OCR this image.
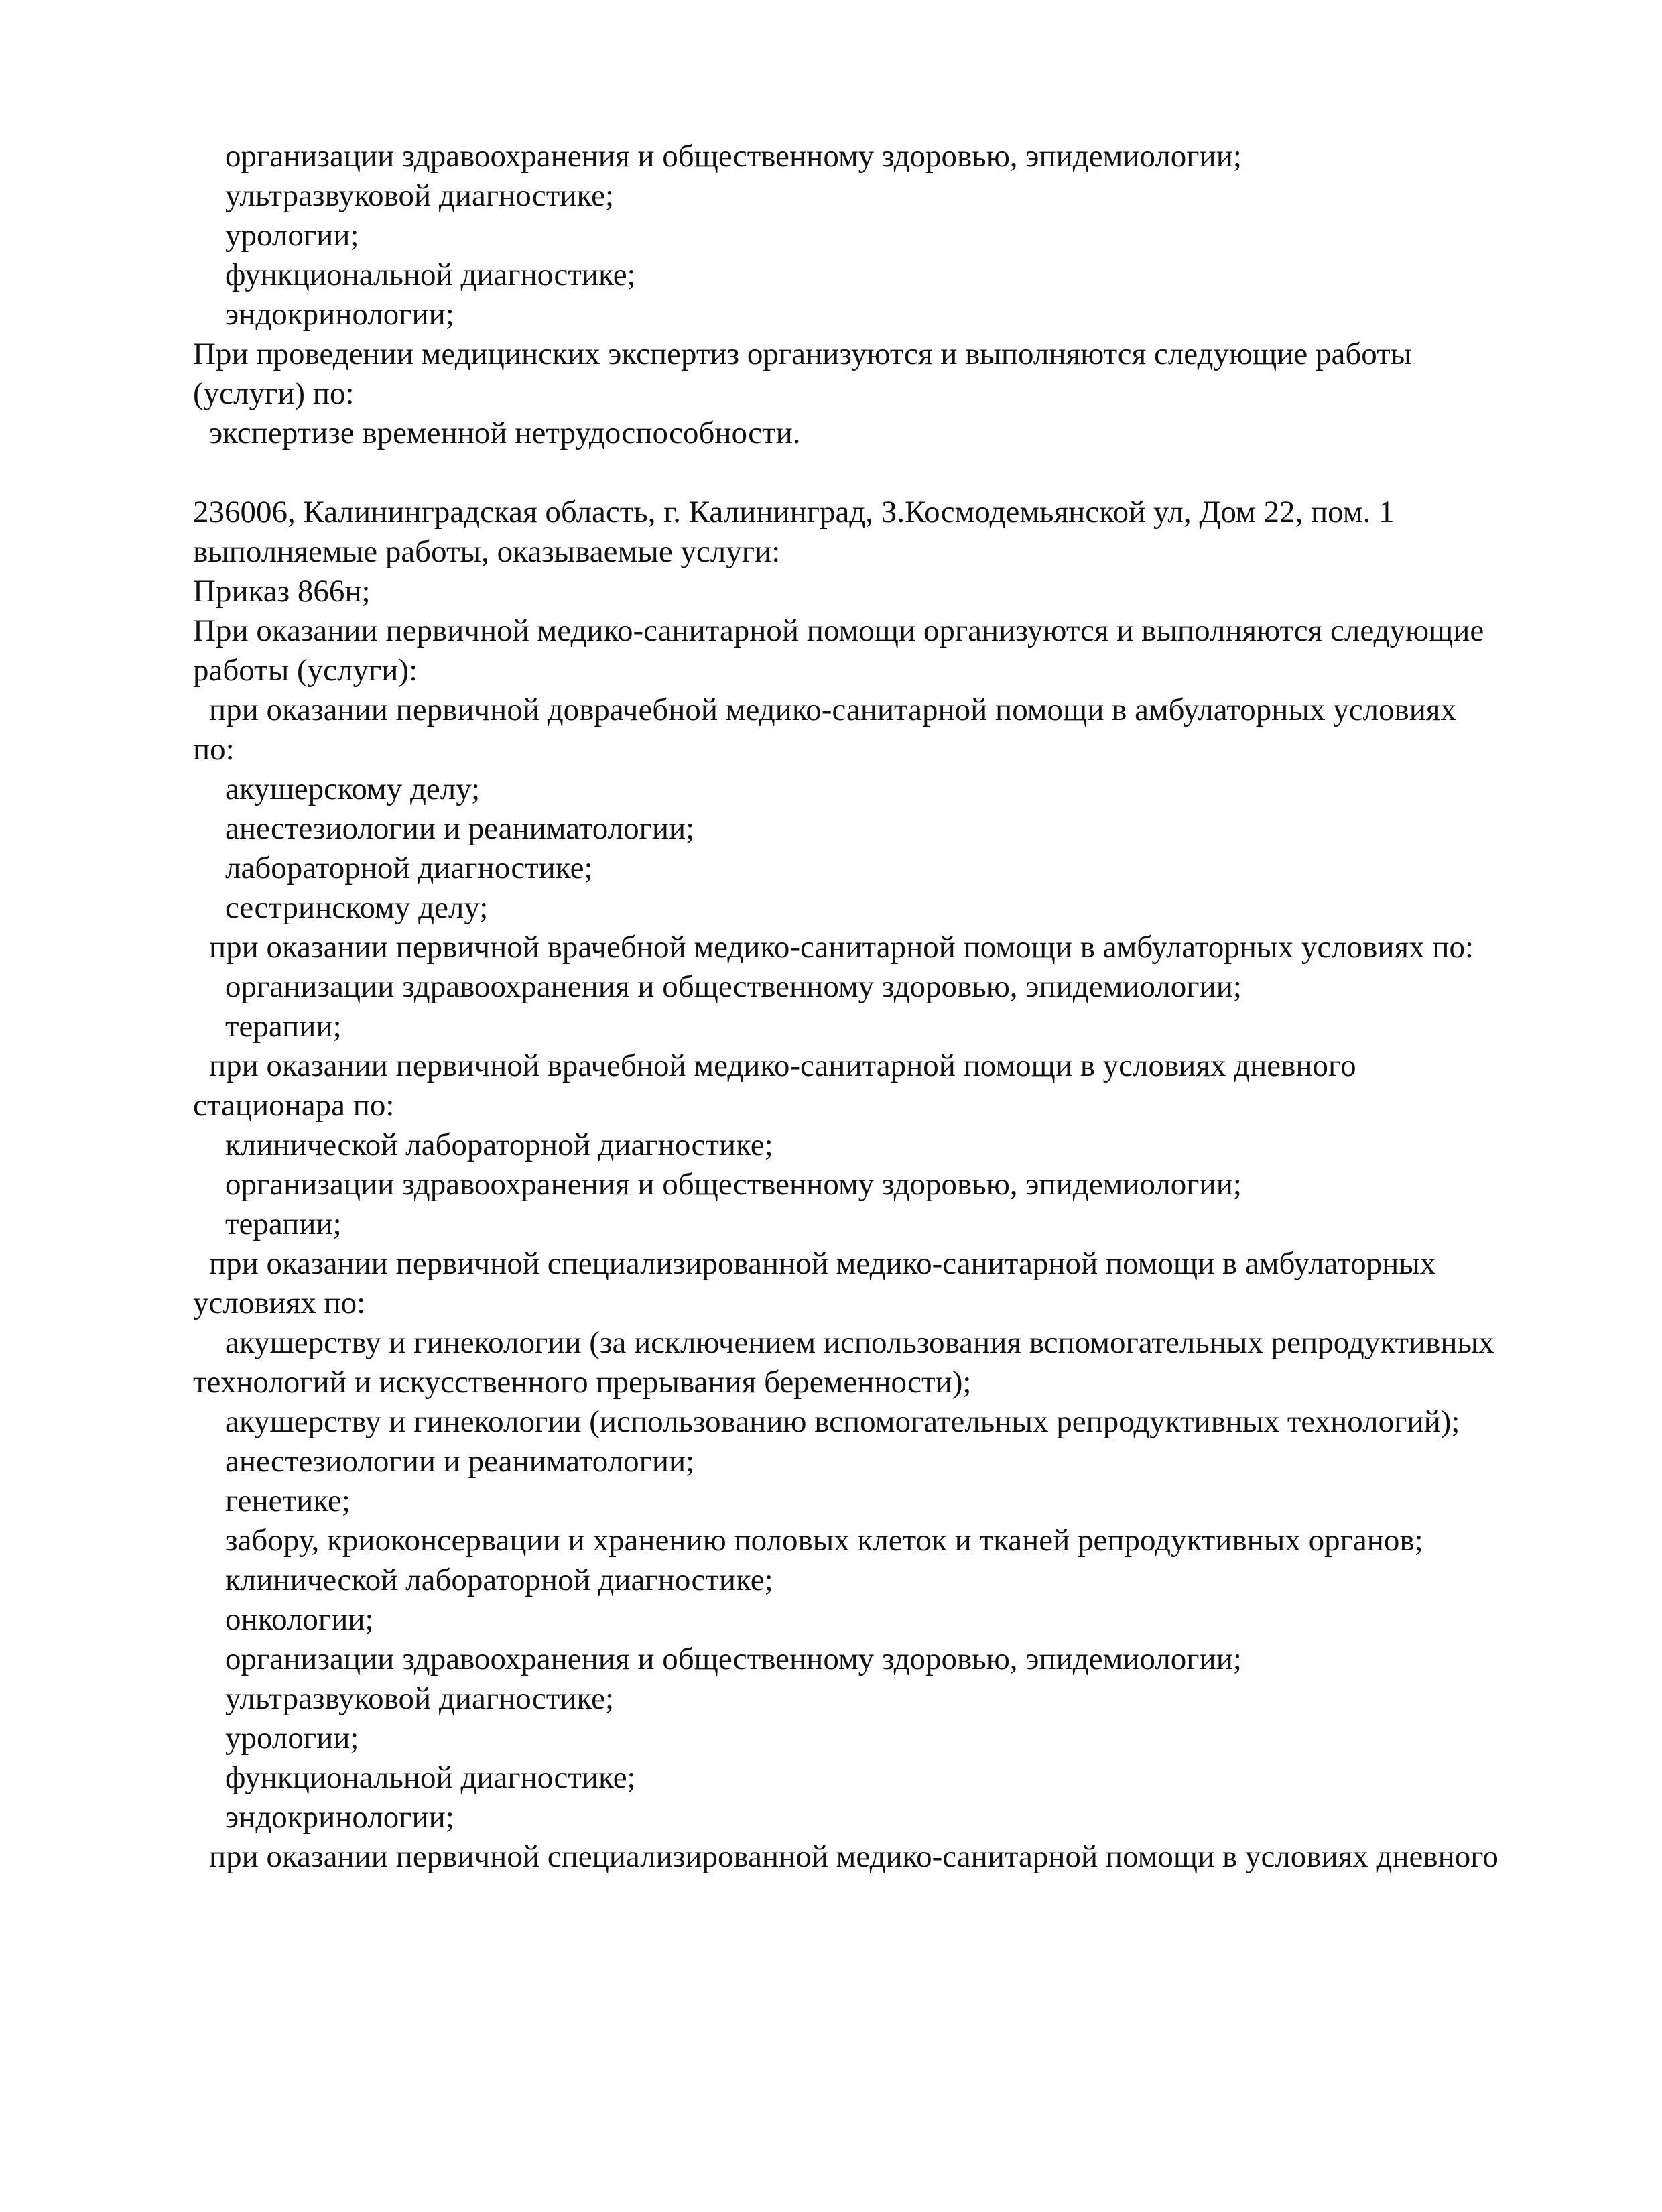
организации здравоохранения и общественному здоровью, эпидемиологии;
ультразвуковой диагностике;
урологии;
функциональной диагностике;
эндокринологии;
При проведении медицинских экспертиз организуются и выполняются следующие работы
(услуги) по:
экспертизе временной нетрудоспособности.
236006, Калининградская область, г. Калининград, З.Космодемьянской ул, Дом 22, пом. 1
выполняемые работы, оказываемые услуги:
Приказ 866н;
При оказании первичной медико-санитарной помощи организуются и выполняются следующие
работы (услуги):
при оказании первичной доврачебной медико-санитарной помощи в амбулаторных условиях
по:
акушерскому делу;
анестезиологии и реаниматологии;
лабораторной диагностике;
сестринскому делу;
при оказании первичной врачебной медико-санитарной помощи в амбулаторных условиях по:
организации здравоохранения и общественному здоровью, эпидемиологии;
терапии;
при оказании первичной врачебной медико-санитарной помощи в условиях дневного
стационара по:
клинической лабораторной диагностике;
организации здравоохранения и общественному здоровью, эпидемиологии;
терапии;
при оказании первичной специализированной медико-санитарной помощи в амбулаторных
условиях по:
акушерству и гинекологии (за исключением использования вспомогательных репродуктивных
технологий и искусственного прерывания беременности);
акушерству и гинекологии (использованию вспомогательных репродуктивных технологий);
анестезиологии и реаниматологии;
генетике;
забору, криоконсервации и хранению половых клеток и тканей репродуктивных органов;
клинической лабораторной диагностике;
онкологии;
организации здравоохранения и общественному здоровью, эпидемиологии;
ультразвуковой диагностике;
урологии;
функциональной диагностике;
эндокринологии;
при оказании первичной специализированной медико-санитарной помощи в условиях дневного
